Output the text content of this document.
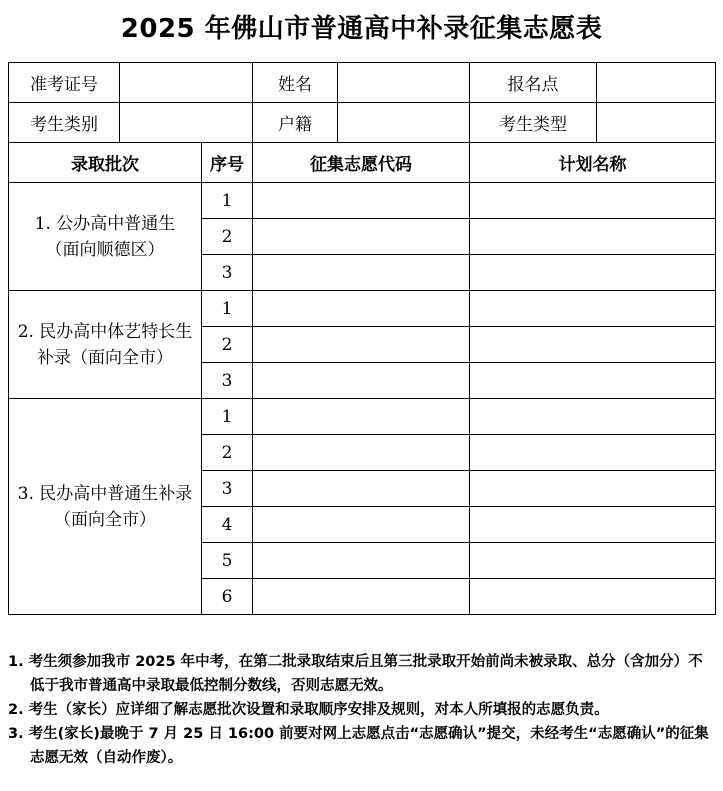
2025 年佛山市普通高中补录征集志愿表
准考证号			姓名		报名点	
考生类别			户籍		考生类型	
录取批次		序号	征集志愿代码		计划名称	

1. 公办高中普通生
（面向顺德区）		1				
		2				
		3				

2. 民办高中体艺特长生
补录（面向全市）		1				
		2				
		3				

3. 民办高中普通生补录
（面向全市）		1				
		2				
		3				
		4				
		5				
		6				

1. 考生须参加我市 2025 年中考，在第二批录取结束后且第三批录取开始前尚未被录取、总分（含加分）不低于我市普通高中录取最低控制分数线，否则志愿无效。

2. 考生（家长）应详细了解志愿批次设置和录取顺序安排及规则，对本人所填报的志愿负责。

3. 考生(家长)最晚于 7 月 25 日 16:00 前要对网上志愿点击“志愿确认”提交，未经考生“志愿确认”的征集志愿无效（自动作废）。
